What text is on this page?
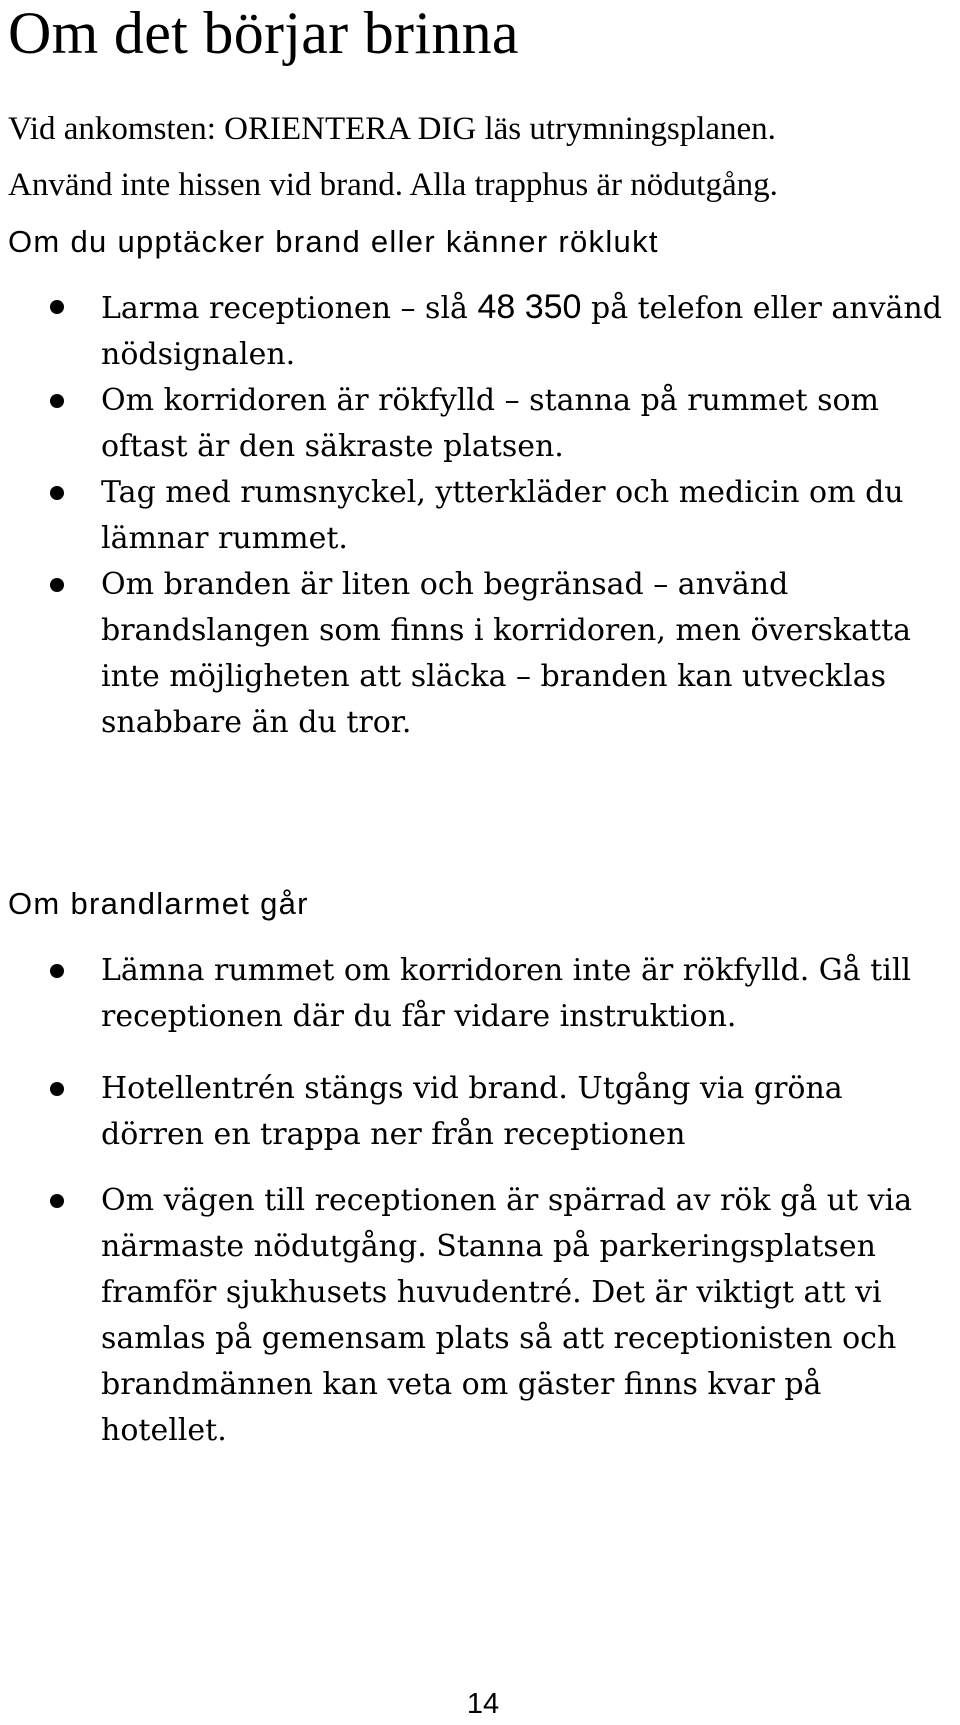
Om det börjar brinna

Vid ankomsten: ORIENTERA DIG läs utrymningsplanen.
Använd inte hissen vid brand. Alla trapphus är nödutgång.

Om du upptäcker brand eller känner röklukt
Larma receptionen – slå 48 350 på telefon eller använd nödsignalen.
Om korridoren är rökfylld – stanna på rummet som oftast är den säkraste platsen.
Tag med rumsnyckel, ytterkläder och medicin om du lämnar rummet.
Om branden är liten och begränsad – använd brandslangen som finns i korridoren, men överskatta inte möjligheten att släcka – branden kan utvecklas snabbare än du tror.
Om brandlarmet går
Lämna rummet om korridoren inte är rökfylld. Gå till receptionen där du får vidare instruktion.
Hotellentrén stängs vid brand. Utgång via gröna dörren en trappa ner från receptionen
Om vägen till receptionen är spärrad av rök gå ut via närmaste nödutgång. Stanna på parkeringsplatsen framför sjukhusets huvudentré. Det är viktigt att vi samlas på gemensam plats så att receptionisten och brandmännen kan veta om gäster finns kvar på hotellet.
14
